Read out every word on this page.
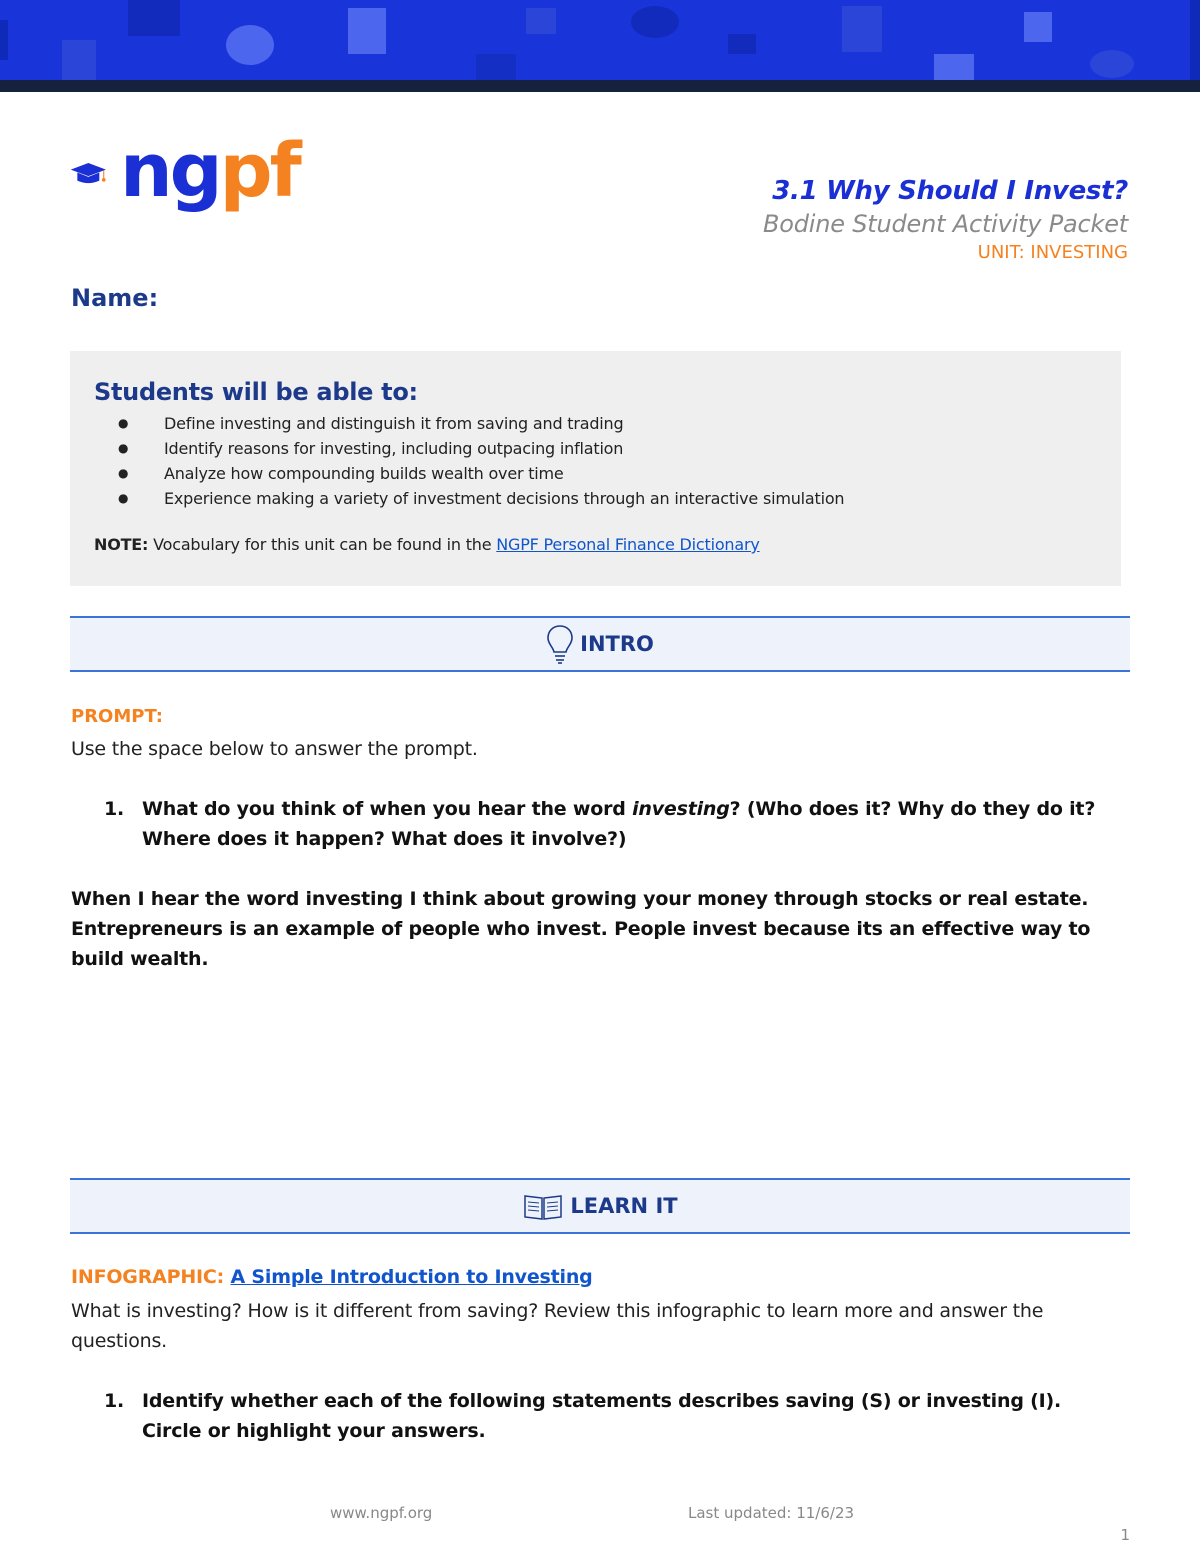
ngpf	3.1 Why Should I Invest?
Bodine Student Activity Packet
UNIT: INVESTING
Name:
Students will be able to:
● Define investing and distinguish it from saving and trading
● Identify reasons for investing, including outpacing inflation
● Analyze how compounding builds wealth over time
● Experience making a variety of investment decisions through an interactive simulation
NOTE: Vocabulary for this unit can be found in the NGPF Personal Finance Dictionary
INTRO
PROMPT:
Use the space below to answer the prompt.
1. What do you think of when you hear the word investing? (Who does it? Why do they do it? Where does it happen? What does it involve?)
When I hear the word investing I think about growing your money through stocks or real estate. Entrepreneurs is an example of people who invest. People invest because its an effective way to build wealth.
LEARN IT
INFOGRAPHIC: A Simple Introduction to Investing
What is investing? How is it different from saving? Review this infographic to learn more and answer the questions.
1. Identify whether each of the following statements describes saving (S) or investing (I). Circle or highlight your answers.
www.ngpf.org	Last updated: 11/6/23
1
